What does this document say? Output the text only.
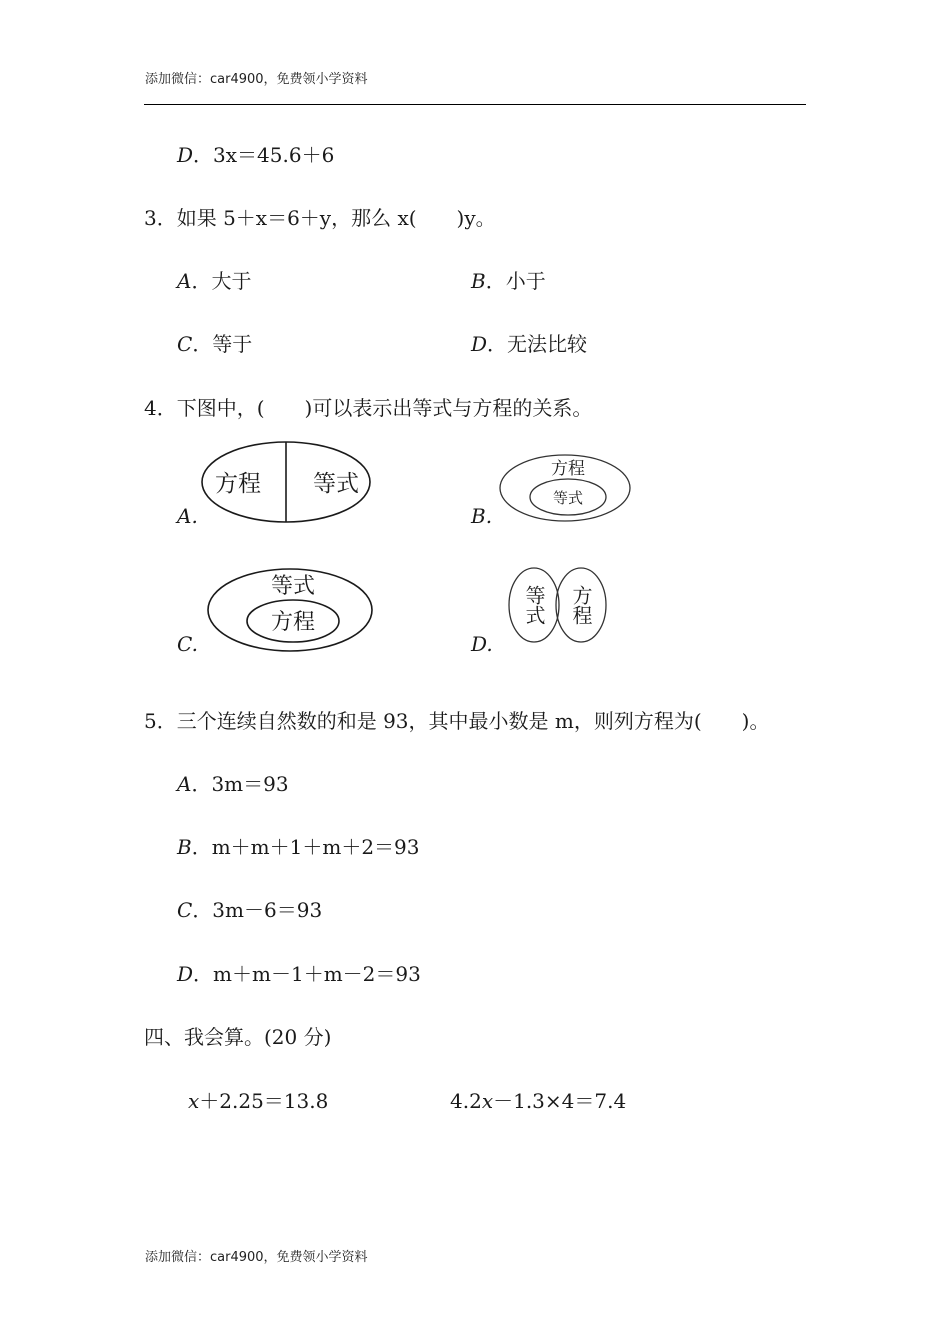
添加微信：car4900，免费领小学资料
D．3x＝45.6＋6
3．如果 5＋x＝6＋y，那么 x(　　)y。
A．大于	B．小于
C．等于	D．无法比较
4．下图中，(　　)可以表示出等式与方程的关系。
A.
方程 等式
B.
方程
等式
C.
等式
方程
D.
等式 方程
5．三个连续自然数的和是 93，其中最小数是 m，则列方程为(　　)。
A．3m＝93
B．m＋m＋1＋m＋2＝93
C．3m－6＝93
D．m＋m－1＋m－2＝93
四、我会算。(20 分)
x＋2.25＝13.8	4.2x－1.3×4＝7.4
添加微信：car4900，免费领小学资料
